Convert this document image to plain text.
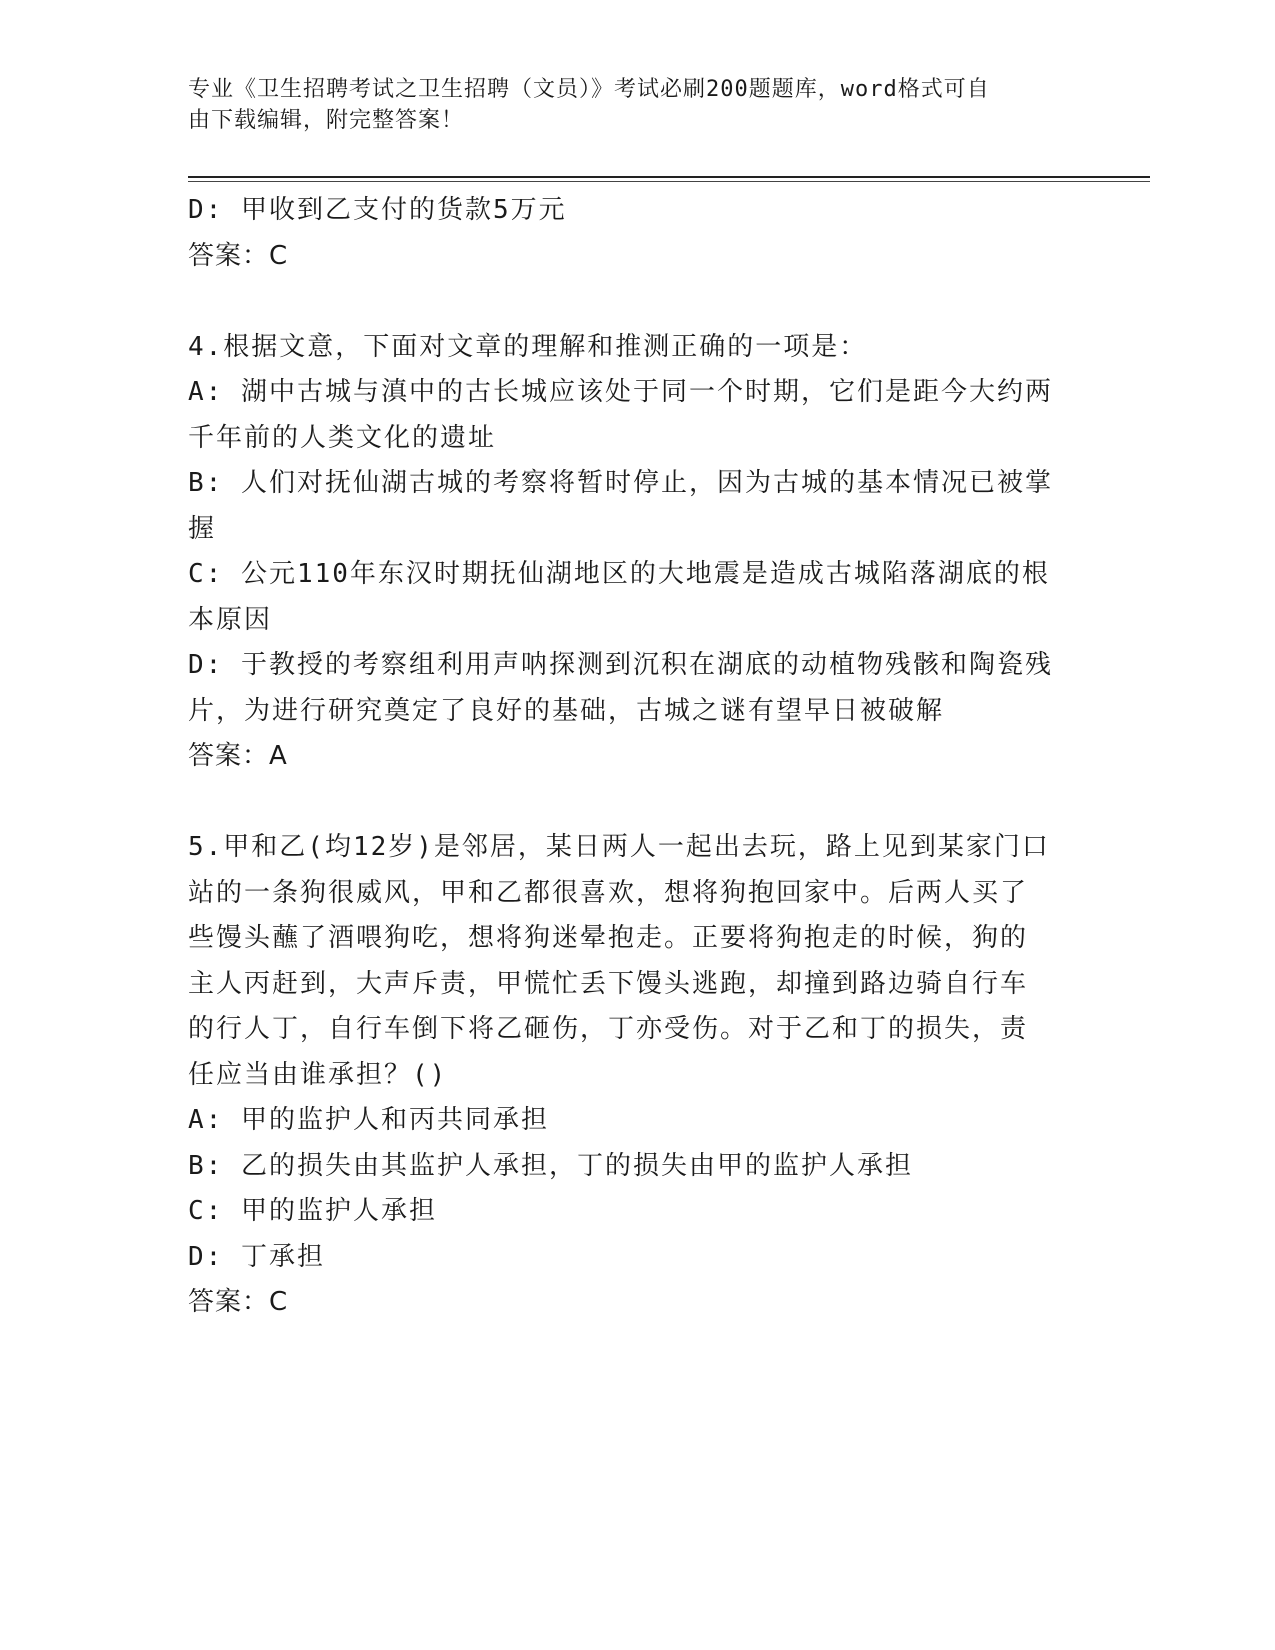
专业《卫生招聘考试之卫生招聘（文员）》考试必刷200题题库，word格式可自

由下载编辑，附完整答案！

D: 甲收到乙支付的货款5万元

答案：C

4.根据文意，下面对文章的理解和推测正确的一项是：

A: 湖中古城与滇中的古长城应该处于同一个时期，它们是距今大约两

千年前的人类文化的遗址

B: 人们对抚仙湖古城的考察将暂时停止，因为古城的基本情况已被掌

握

C: 公元110年东汉时期抚仙湖地区的大地震是造成古城陷落湖底的根

本原因

D: 于教授的考察组利用声呐探测到沉积在湖底的动植物残骸和陶瓷残

片，为进行研究奠定了良好的基础，古城之谜有望早日被破解

答案：A

5.甲和乙(均12岁)是邻居，某日两人一起出去玩，路上见到某家门口

站的一条狗很威风，甲和乙都很喜欢，想将狗抱回家中。后两人买了

些馒头蘸了酒喂狗吃，想将狗迷晕抱走。正要将狗抱走的时候，狗的

主人丙赶到，大声斥责，甲慌忙丢下馒头逃跑，却撞到路边骑自行车

的行人丁，自行车倒下将乙砸伤，丁亦受伤。对于乙和丁的损失，责

任应当由谁承担？()

A: 甲的监护人和丙共同承担

B: 乙的损失由其监护人承担，丁的损失由甲的监护人承担

C: 甲的监护人承担

D: 丁承担

答案：C
